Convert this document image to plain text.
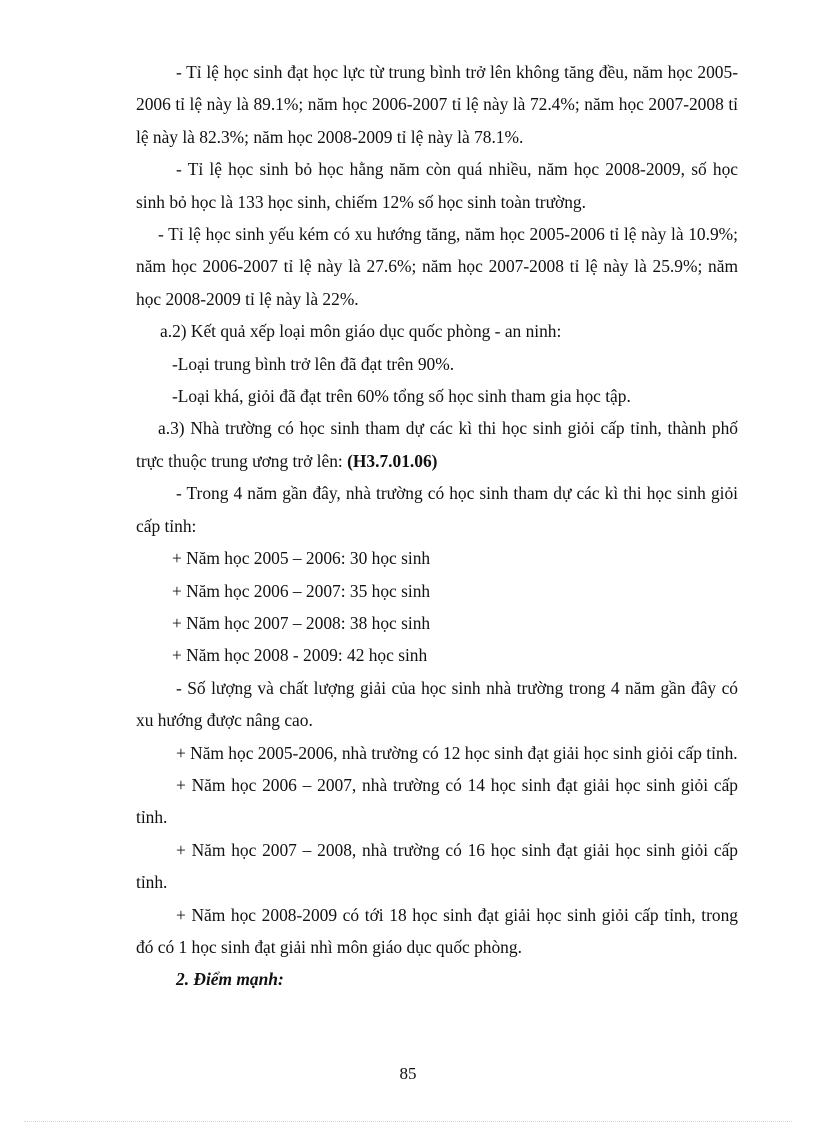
- Tỉ lệ học sinh đạt học lực từ trung bình trở lên không tăng đều, năm học 2005-2006 tỉ lệ này là 89.1%; năm học 2006-2007 tỉ lệ này là 72.4%; năm học 2007-2008 tỉ lệ này là 82.3%; năm học 2008-2009 tỉ lệ này là 78.1%.

- Tỉ lệ học sinh bỏ học hằng năm còn quá nhiều, năm học 2008-2009, số học sinh bỏ học là 133 học sinh, chiếm 12% số học sinh toàn trường.

- Tỉ lệ học sinh yếu kém có xu hướng tăng, năm học 2005-2006 tỉ lệ này là 10.9%; năm học 2006-2007 tỉ lệ này là 27.6%; năm học 2007-2008 tỉ lệ này là 25.9%; năm học 2008-2009 tỉ lệ này là 22%.

a.2) Kết quả xếp loại môn giáo dục quốc phòng - an ninh:

-Loại trung bình trở lên đã đạt trên 90%.

-Loại khá, giỏi đã đạt trên 60% tổng số học sinh tham gia học tập.

a.3) Nhà trường có học sinh tham dự các kì thi học sinh giỏi cấp tỉnh, thành phố trực thuộc trung ương trở lên: (H3.7.01.06)

- Trong 4 năm gần đây, nhà trường có học sinh tham dự các kì thi học sinh giỏi cấp tỉnh:

+ Năm học 2005 – 2006: 30 học sinh

+ Năm học 2006 – 2007: 35 học sinh

+ Năm học 2007 – 2008: 38 học sinh

+ Năm học 2008 - 2009: 42 học sinh

- Số lượng và chất lượng giải của học sinh nhà trường trong 4 năm gần đây có xu hướng được nâng cao.

+ Năm học 2005-2006, nhà trường có 12 học sinh đạt giải học sinh giỏi cấp tỉnh.

+ Năm học 2006 – 2007, nhà trường có 14 học sinh đạt giải học sinh giỏi cấp tỉnh.

+ Năm học 2007 – 2008, nhà trường có 16 học sinh đạt giải học sinh giỏi cấp tỉnh.

+ Năm học 2008-2009 có tới 18 học sinh đạt giải học sinh giỏi cấp tỉnh, trong đó có 1 học sinh đạt giải nhì môn giáo dục quốc phòng.

2. Điểm mạnh:

85
